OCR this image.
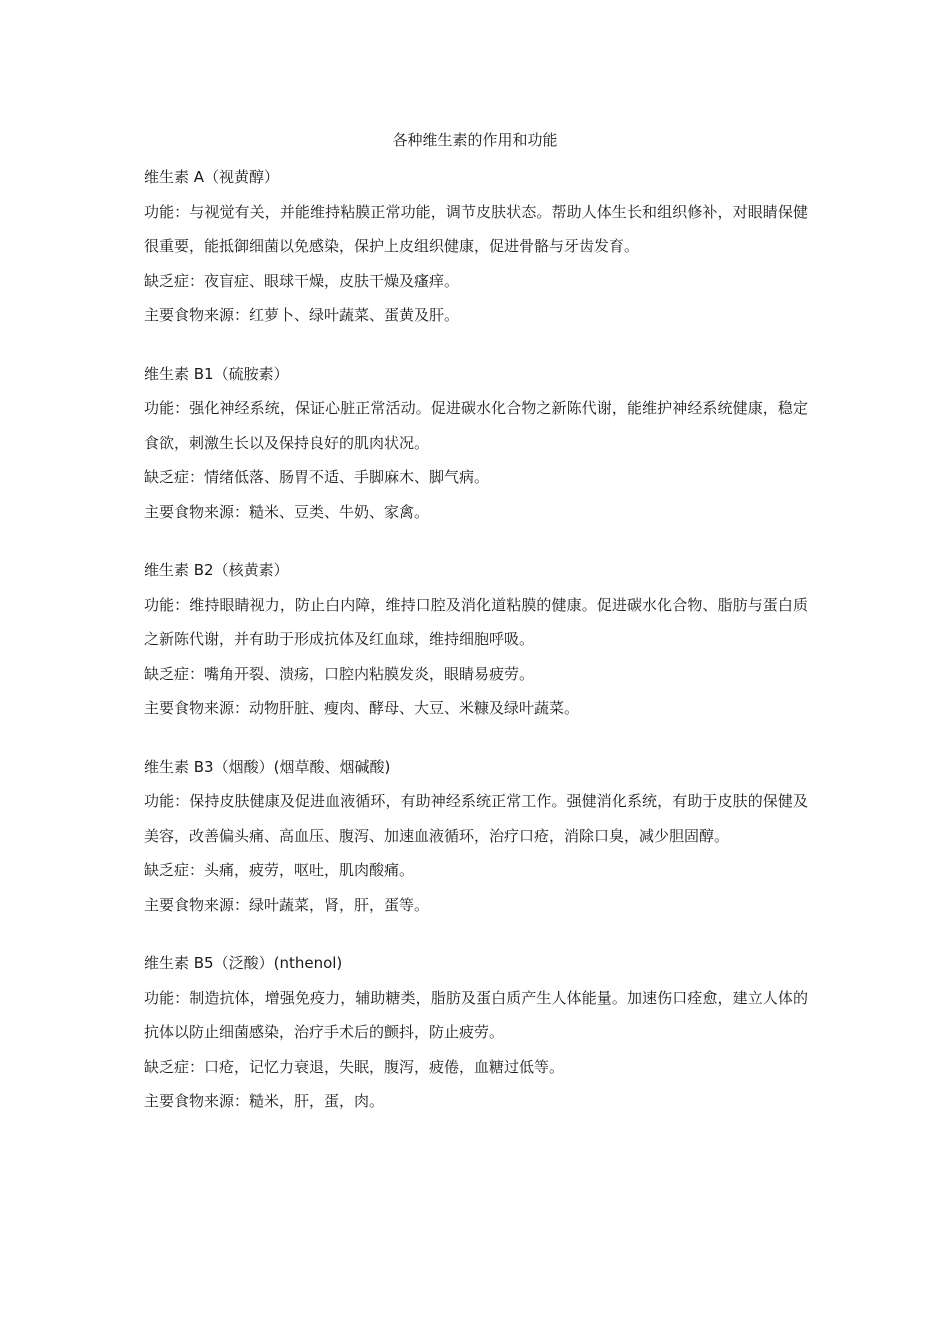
各种维生素的作用和功能

维生素 A（视黄醇）

功能：与视觉有关，并能维持粘膜正常功能，调节皮肤状态。帮助人体生长和组织修补，对眼睛保健很重要，能抵御细菌以免感染，保护上皮组织健康，促进骨骼与牙齿发育。

缺乏症：夜盲症、眼球干燥，皮肤干燥及瘙痒。

主要食物来源：红萝卜、绿叶蔬菜、蛋黄及肝。

维生素 B1（硫胺素）

功能：强化神经系统，保证心脏正常活动。促进碳水化合物之新陈代谢，能维护神经系统健康，稳定食欲，刺激生长以及保持良好的肌肉状况。

缺乏症：情绪低落、肠胃不适、手脚麻木、脚气病。

主要食物来源：糙米、豆类、牛奶、家禽。

维生素 B2（核黄素）

功能：维持眼睛视力，防止白内障，维持口腔及消化道粘膜的健康。促进碳水化合物、脂肪与蛋白质之新陈代谢，并有助于形成抗体及红血球，维持细胞呼吸。

缺乏症：嘴角开裂、溃疡，口腔内粘膜发炎，眼睛易疲劳。

主要食物来源：动物肝脏、瘦肉、酵母、大豆、米糠及绿叶蔬菜。

维生素 B3（烟酸）(烟草酸、烟碱酸)

功能：保持皮肤健康及促进血液循环，有助神经系统正常工作。强健消化系统，有助于皮肤的保健及美容，改善偏头痛、高血压、腹泻、加速血液循环，治疗口疮，消除口臭，减少胆固醇。

缺乏症：头痛，疲劳，呕吐，肌肉酸痛。

主要食物来源：绿叶蔬菜，肾，肝，蛋等。

维生素 B5（泛酸）(nthenol)

功能：制造抗体，增强免疫力，辅助糖类，脂肪及蛋白质产生人体能量。加速伤口痊愈，建立人体的抗体以防止细菌感染，治疗手术后的颤抖，防止疲劳。

缺乏症：口疮，记忆力衰退，失眠，腹泻，疲倦，血糖过低等。

主要食物来源：糙米，肝，蛋，肉。
